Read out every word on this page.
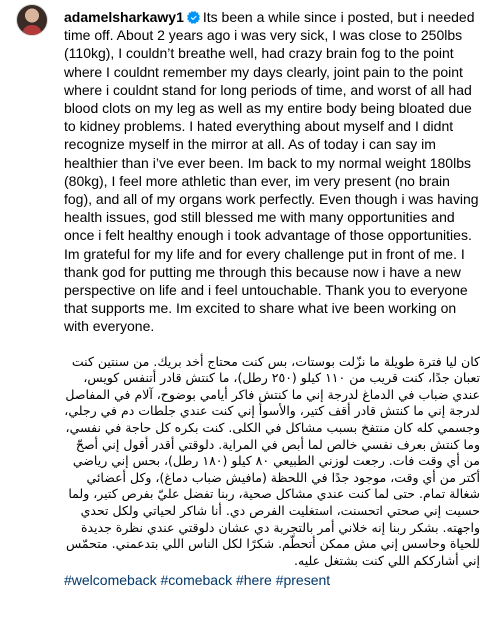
adamelsharkawy1 Its been a while since i posted, but i needed time off. About 2 years ago i was very sick, I was close to 250lbs (110kg), I couldn’t breathe well, had crazy brain fog to the point where I couldnt remember my days clearly, joint pain to the point where i couldnt stand for long periods of time, and worst of all had blood clots on my leg as well as my entire body being bloated due to kidney problems. I hated everything about myself and I didnt recognize myself in the mirror at all. As of today i can say im healthier than i’ve ever been. Im back to my normal weight 180lbs (80kg), I feel more athletic than ever, im very present (no brain fog), and all of my organs work perfectly. Even though i was having health issues, god still blessed me with many opportunities and once i felt healthy enough i took advantage of those opportunities. Im grateful for my life and for every challenge put in front of me. I thank god for putting me through this because now i have a new perspective on life and i feel untouchable. Thank you to everyone that supports me. Im excited to share what ive been working on with everyone.
كان ليا فترة طويلة ما نزّلت بوستات، بس كنت محتاج أخد بريك. من سنتين كنت تعبان جدًا، كنت قريب من ١١٠ كيلو (٢٥٠ رطل)، ما كنتش قادر أتنفس كويس، عندي ضباب في الدماغ لدرجة إني ما كنتش فاكر أيامي بوضوح، آلام في المفاصل لدرجة إني ما كنتش قادر أقف كتير، والأسوأ إني كنت عندي جلطات دم في رجلي، وجسمي كله كان منتفخ بسبب مشاكل في الكلى. كنت بكره كل حاجة في نفسي، وما كنتش بعرف نفسي خالص لما أبص في المراية. دلوقتي أقدر أقول إني أصحّ من أي وقت فات. رجعت لوزني الطبيعي ٨٠ كيلو (١٨٠ رطل)، بحس إني رياضي أكتر من أي وقت، موجود جدًا في اللحظة (مافيش ضباب دماغ)، وكل أعضائي شغالة تمام. حتى لما كنت عندي مشاكل صحية، ربنا تفضل عليّ بفرص كتير، ولما حسيت إني صحتي اتحسنت، استغليت الفرص دي. أنا شاكر لحياتي ولكل تحدي واجهته. بشكر ربنا إنه خلاني أمر بالتجربة دي عشان دلوقتي عندي نظرة جديدة للحياة وحاسس إني مش ممكن أتحطّم. شكرًا لكل الناس اللي بتدعمني. متحمّس إني أشارككم اللي كنت بشتغل عليه.
#welcomeback #comeback #here #present
